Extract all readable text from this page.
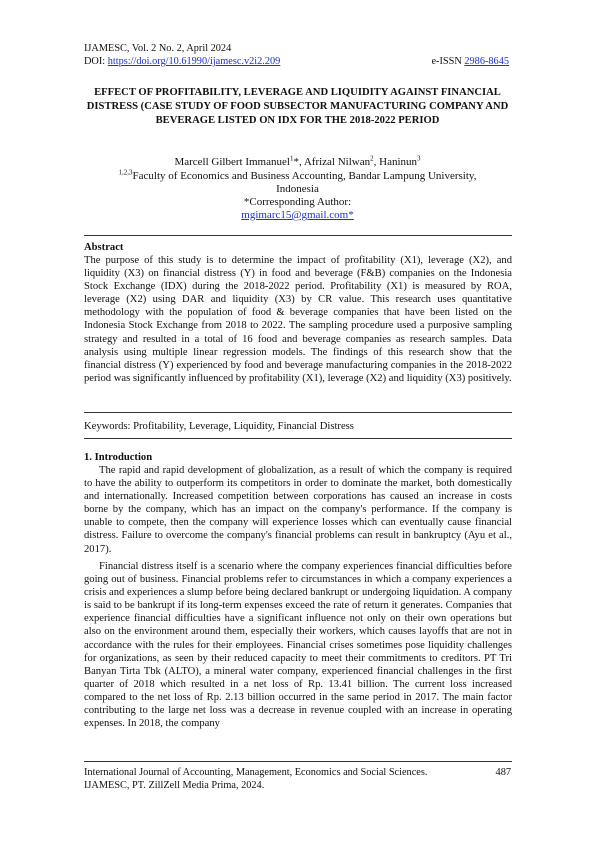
IJAMESC, Vol. 2 No. 2, April 2024
DOI: https://doi.org/10.61990/ijamesc.v2i2.209	e-ISSN 2986-8645
EFFECT OF PROFITABILITY, LEVERAGE AND LIQUIDITY AGAINST FINANCIAL DISTRESS (CASE STUDY OF FOOD SUBSECTOR MANUFACTURING COMPANY AND BEVERAGE LISTED ON IDX FOR THE 2018-2022 PERIOD
Marcell Gilbert Immanuel$^1$*, Afrizal Nilwan$^2$, Haninun$^3$
$^{1,2,3}$Faculty of Economics and Business Accounting, Bandar Lampung University,
Indonesia
*Corresponding Author:
mgimarc15@gmail.com*
Abstract
The purpose of this study is to determine the impact of profitability (X1), leverage (X2), and liquidity (X3) on financial distress (Y) in food and beverage (F&B) companies on the Indonesia Stock Exchange (IDX) during the 2018-2022 period. Profitability (X1) is measured by ROA, leverage (X2) using DAR and liquidity (X3) by CR value. This research uses quantitative methodology with the population of food & beverage companies that have been listed on the Indonesia Stock Exchange from 2018 to 2022. The sampling procedure used a purposive sampling strategy and resulted in a total of 16 food and beverage companies as research samples. Data analysis using multiple linear regression models. The findings of this research show that the financial distress (Y) experienced by food and beverage manufacturing companies in the 2018-2022 period was significantly influenced by profitability (X1), leverage (X2) and liquidity (X3) positively.
Keywords: Profitability, Leverage, Liquidity, Financial Distress
1. Introduction
The rapid and rapid development of globalization, as a result of which the company is required to have the ability to outperform its competitors in order to dominate the market, both domestically and internationally. Increased competition between corporations has caused an increase in costs borne by the company, which has an impact on the company's performance. If the company is unable to compete, then the company will experience losses which can eventually cause financial distress. Failure to overcome the company's financial problems can result in bankruptcy (Ayu et al., 2017).
Financial distress itself is a scenario where the company experiences financial difficulties before going out of business. Financial problems refer to circumstances in which a company experiences a crisis and experiences a slump before being declared bankrupt or undergoing liquidation. A company is said to be bankrupt if its long-term expenses exceed the rate of return it generates. Companies that experience financial difficulties have a significant influence not only on their own operations but also on the environment around them, especially their workers, which causes layoffs that are not in accordance with the rules for their employees. Financial crises sometimes pose liquidity challenges for organizations, as seen by their reduced capacity to meet their commitments to creditors. PT Tri Banyan Tirta Tbk (ALTO), a mineral water company, experienced financial challenges in the first quarter of 2018 which resulted in a net loss of Rp. 13.41 billion. The current loss increased compared to the net loss of Rp. 2.13 billion occurred in the same period in 2017. The main factor contributing to the large net loss was a decrease in revenue coupled with an increase in operating expenses. In 2018, the company
International Journal of Accounting, Management, Economics and Social Sciences.	487
IJAMESC, PT. ZillZell Media Prima, 2024.
